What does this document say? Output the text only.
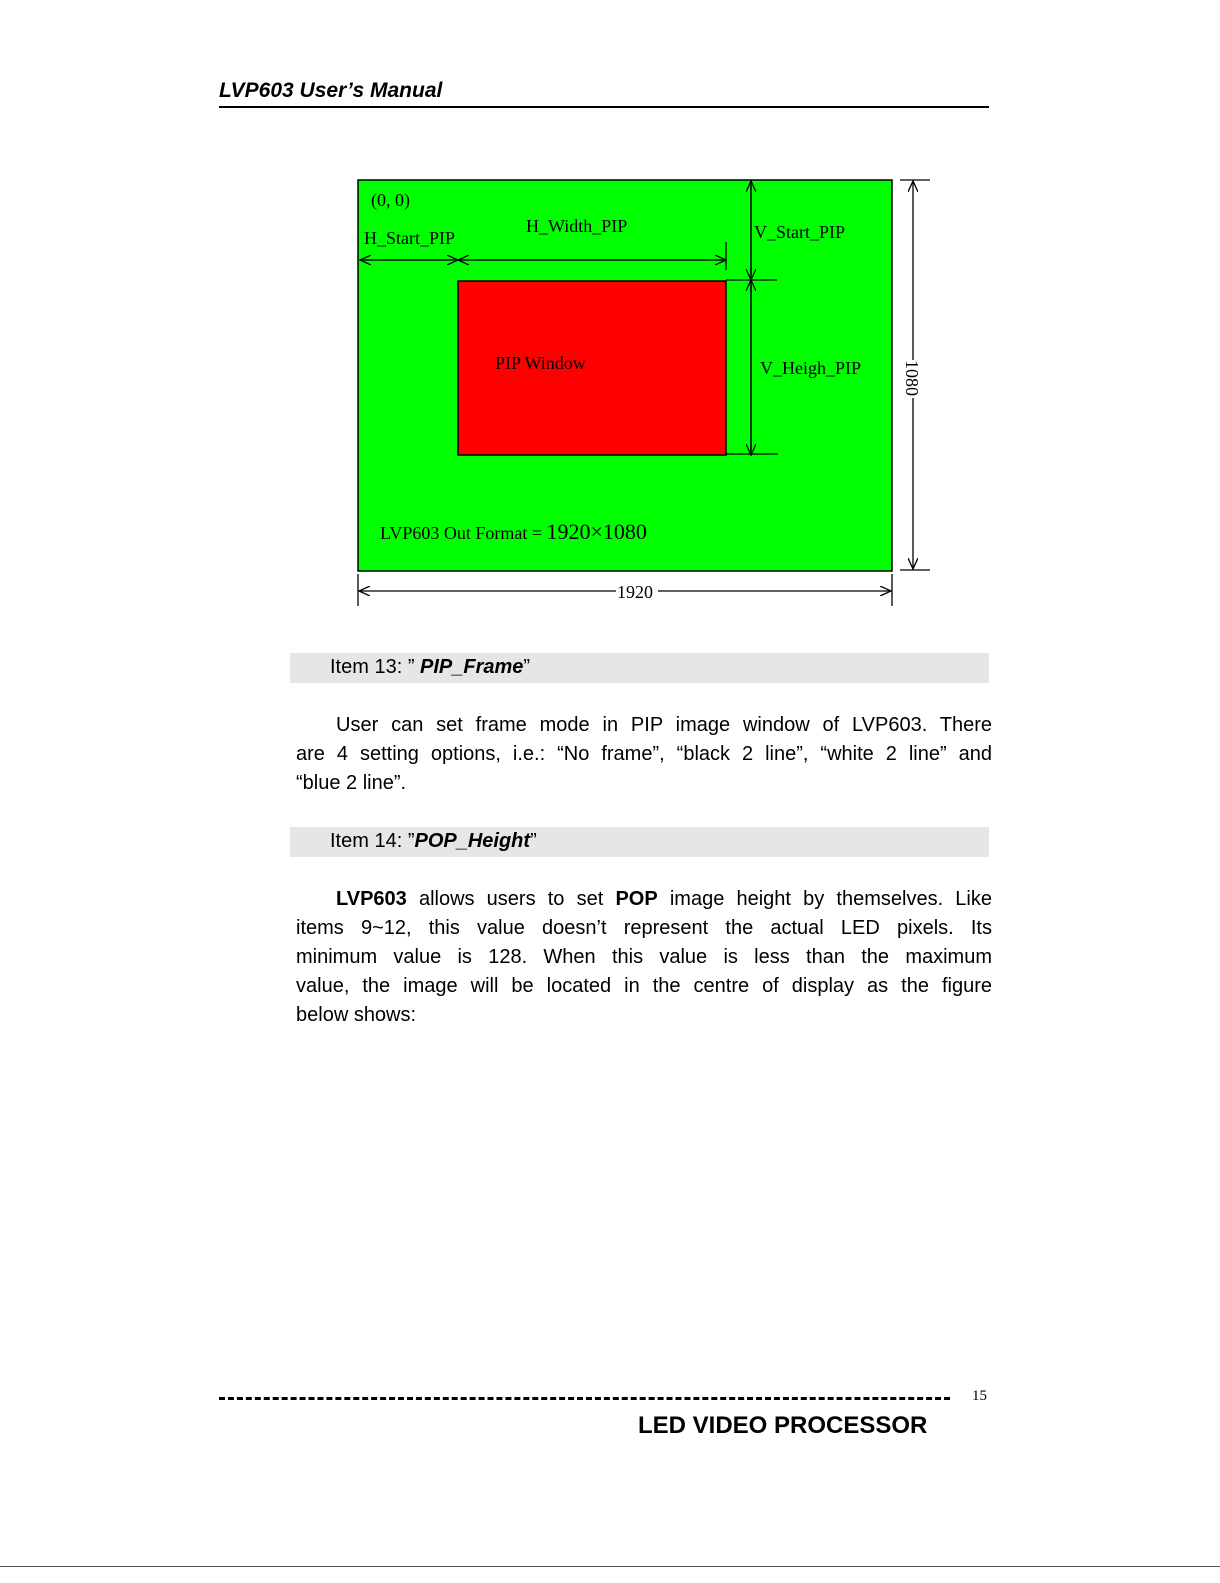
LVP603 User’s Manual
(0, 0)
H_Start_PIP
H_Width_PIP	V_Start_PIP
V_Heigh_PIP
PIP Window
LVP603 Out Format = 1920×1080
1080
1920
Item 13: ” PIP_Frame”
User can set frame mode in PIP image window of LVP603. There
are 4 setting options, i.e.: “No frame”, “black 2 line”, “white 2 line” and
“blue 2 line”.
Item 14: ”POP_Height”
LVP603 allows users to set POP image height by themselves. Like
items 9~12, this value doesn’t represent the actual LED pixels. Its
minimum value is 128. When this value is less than the maximum
value, the image will be located in the centre of display as the figure
below shows:
15
LED VIDEO PROCESSOR
